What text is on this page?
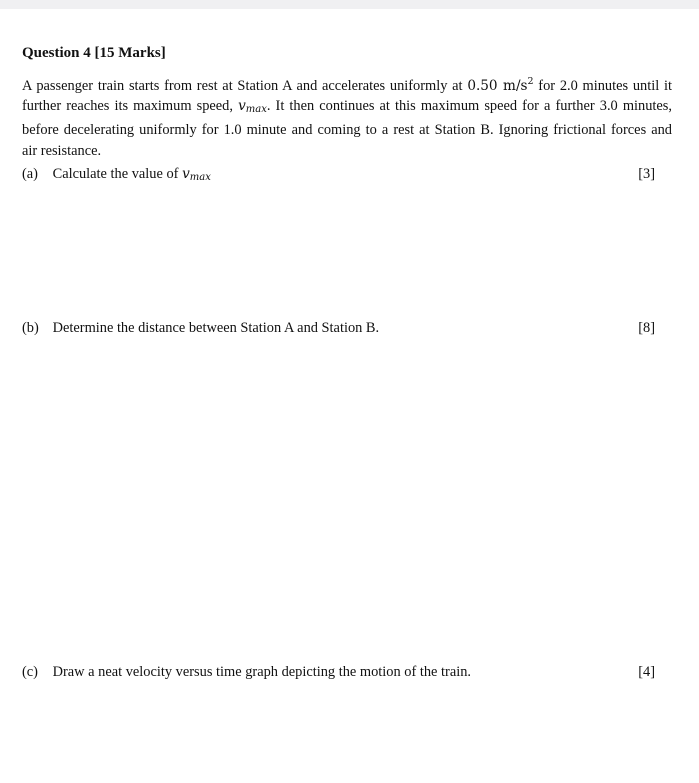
Question 4 [15 Marks]
A passenger train starts from rest at Station A and accelerates uniformly at 0.50 $m/s^2$ for 2.0 minutes until it
further reaches its maximum speed, $v_{max}$. It then continues at this maximum speed for a further 3.0 minutes,
before decelerating uniformly for 1.0 minute and coming to a rest at Station B. Ignoring frictional forces and
air resistance.
(a) Calculate the value of $v_{max}$	[3]
(b) Determine the distance between Station A and Station B.	[8]
(c) Draw a neat velocity versus time graph depicting the motion of the train.	[4]
